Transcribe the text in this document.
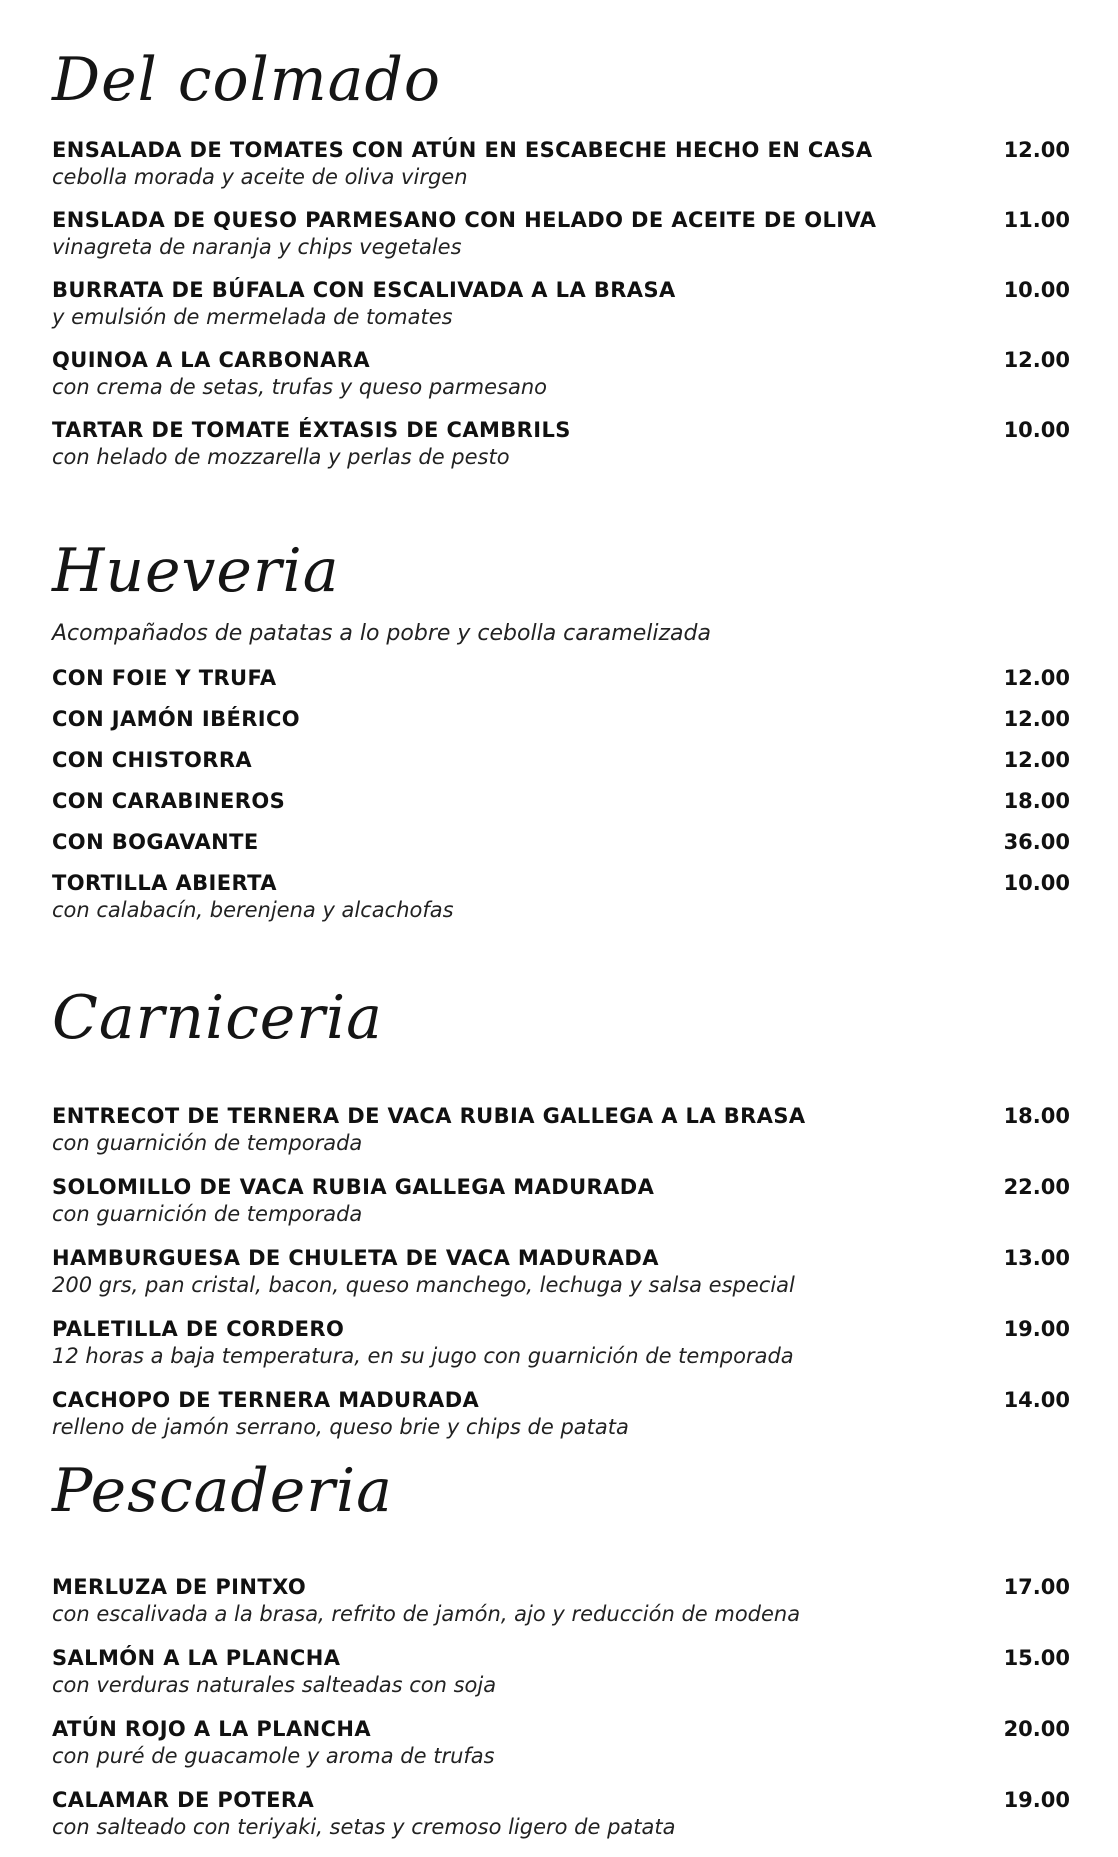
Del colmado
ENSALADA DE TOMATES CON ATÚN EN ESCABECHE HECHO EN CASA
cebolla morada y aceite de oliva virgen
12.00
ENSLADA DE QUESO PARMESANO CON HELADO DE ACEITE DE OLIVA
vinagreta de naranja y chips vegetales
11.00
BURRATA DE BÚFALA CON ESCALIVADA A LA BRASA
y emulsión de mermelada de tomates
10.00
QUINOA A LA CARBONARA
con crema de setas, trufas y queso parmesano
12.00
TARTAR DE TOMATE ÉXTASIS DE CAMBRILS
con helado de mozzarella y perlas de pesto
10.00
Hueveria
Acompañados de patatas a lo pobre y cebolla caramelizada
CON FOIE Y TRUFA	12.00
CON JAMÓN IBÉRICO	12.00
CON CHISTORRA	12.00
CON CARABINEROS	18.00
CON BOGAVANTE	36.00
TORTILLA ABIERTA
con calabacín, berenjena y alcachofas
10.00
Carniceria
ENTRECOT DE TERNERA DE VACA RUBIA GALLEGA A LA BRASA
con guarnición de temporada
18.00
SOLOMILLO DE VACA RUBIA GALLEGA MADURADA
con guarnición de temporada
22.00
HAMBURGUESA DE CHULETA DE VACA MADURADA
200 grs, pan cristal, bacon, queso manchego, lechuga y salsa especial
13.00
PALETILLA DE CORDERO
12 horas a baja temperatura, en su jugo con guarnición de temporada
19.00
CACHOPO DE TERNERA MADURADA
relleno de jamón serrano, queso brie y chips de patata
14.00
Pescaderia
MERLUZA DE PINTXO
con escalivada a la brasa, refrito de jamón, ajo y reducción de modena
17.00
SALMÓN A LA PLANCHA
con verduras naturales salteadas con soja
15.00
ATÚN ROJO A LA PLANCHA
con puré de guacamole y aroma de trufas
20.00
CALAMAR DE POTERA
con salteado con teriyaki, setas y cremoso ligero de patata
19.00
